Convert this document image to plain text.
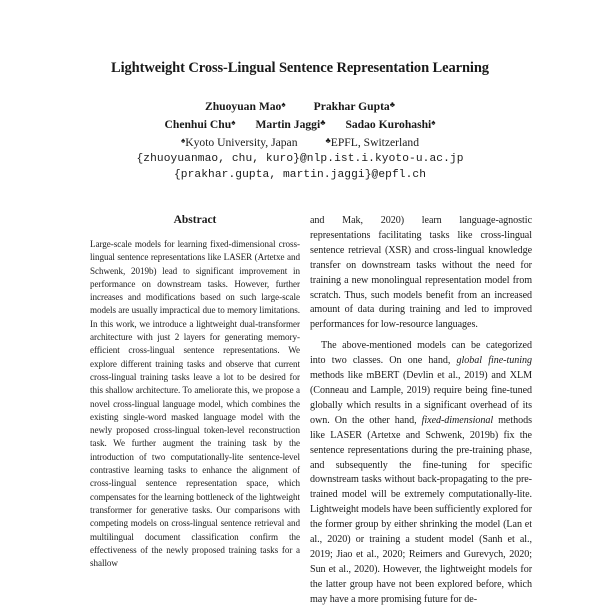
Lightweight Cross-Lingual Sentence Representation Learning
Zhuoyuan Mao♠ Prakhar Gupta♣
Chenhui Chu♠ Martin Jaggi♣ Sadao Kurohashi♠
♠Kyoto University, Japan	♣EPFL, Switzerland
{zhuoyuanmao, chu, kuro}@nlp.ist.i.kyoto-u.ac.jp
{prakhar.gupta, martin.jaggi}@epfl.ch
Abstract
Large-scale models for learning fixed-dimensional cross-lingual sentence representations like LASER (Artetxe and Schwenk, 2019b) lead to significant improvement in performance on downstream tasks. However, further increases and modifications based on such large-scale models are usually impractical due to memory limitations. In this work, we introduce a lightweight dual-transformer architecture with just 2 layers for generating memory-efficient cross-lingual sentence representations. We explore different training tasks and observe that current cross-lingual training tasks leave a lot to be desired for this shallow architecture. To ameliorate this, we propose a novel cross-lingual language model, which combines the existing single-word masked language model with the newly proposed cross-lingual token-level reconstruction task. We further augment the training task by the introduction of two computationally-lite sentence-level contrastive learning tasks to enhance the alignment of cross-lingual sentence representation space, which compensates for the learning bottleneck of the lightweight transformer for generative tasks. Our comparisons with competing models on cross-lingual sentence retrieval and multilingual document classification confirm the effectiveness of the newly proposed training tasks for a shallow

and Mak, 2020) learn language-agnostic representations facilitating tasks like cross-lingual sentence retrieval (XSR) and cross-lingual knowledge transfer on downstream tasks without the need for training a new monolingual representation model from scratch. Thus, such models benefit from an increased amount of data during training and led to improved performances for low-resource languages.

The above-mentioned models can be categorized into two classes. On one hand, global fine-tuning methods like mBERT (Devlin et al., 2019) and XLM (Conneau and Lample, 2019) require being fine-tuned globally which results in a significant overhead of its own. On the other hand, fixed-dimensional methods like LASER (Artetxe and Schwenk, 2019b) fix the sentence representations during the pre-training phase, and subsequently the fine-tuning for specific downstream tasks without back-propagating to the pre-trained model will be extremely computationally-lite. Lightweight models have been sufficiently explored for the former group by either shrinking the model (Lan et al., 2020) or training a student model (Sanh et al., 2019; Jiao et al., 2020; Reimers and Gurevych, 2020; Sun et al., 2020). However, the lightweight models for the latter group have not been explored before, which may have a more promising future for de-
